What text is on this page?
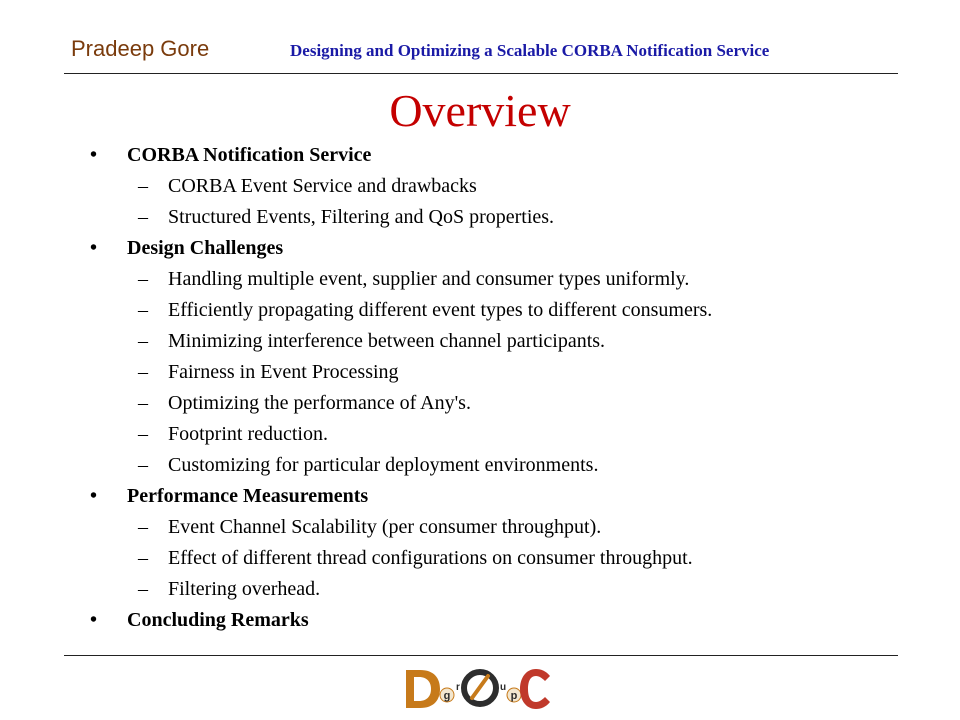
Pradeep Gore	Designing and Optimizing a Scalable CORBA Notification Service
Overview
• CORBA Notification Service
– CORBA Event Service and drawbacks
– Structured Events, Filtering and QoS properties.
• Design Challenges
– Handling multiple event, supplier and consumer types uniformly.
– Efficiently propagating different event types to different consumers.
– Minimizing interference between channel participants.
– Fairness in Event Processing
– Optimizing the performance of Any's.
– Footprint reduction.
– Customizing for particular deployment environments.
• Performance Measurements
– Event Channel Scalability (per consumer throughput).
– Effect of different thread configurations on consumer throughput.
– Filtering overhead.
• Concluding Remarks
g
r	u
p
